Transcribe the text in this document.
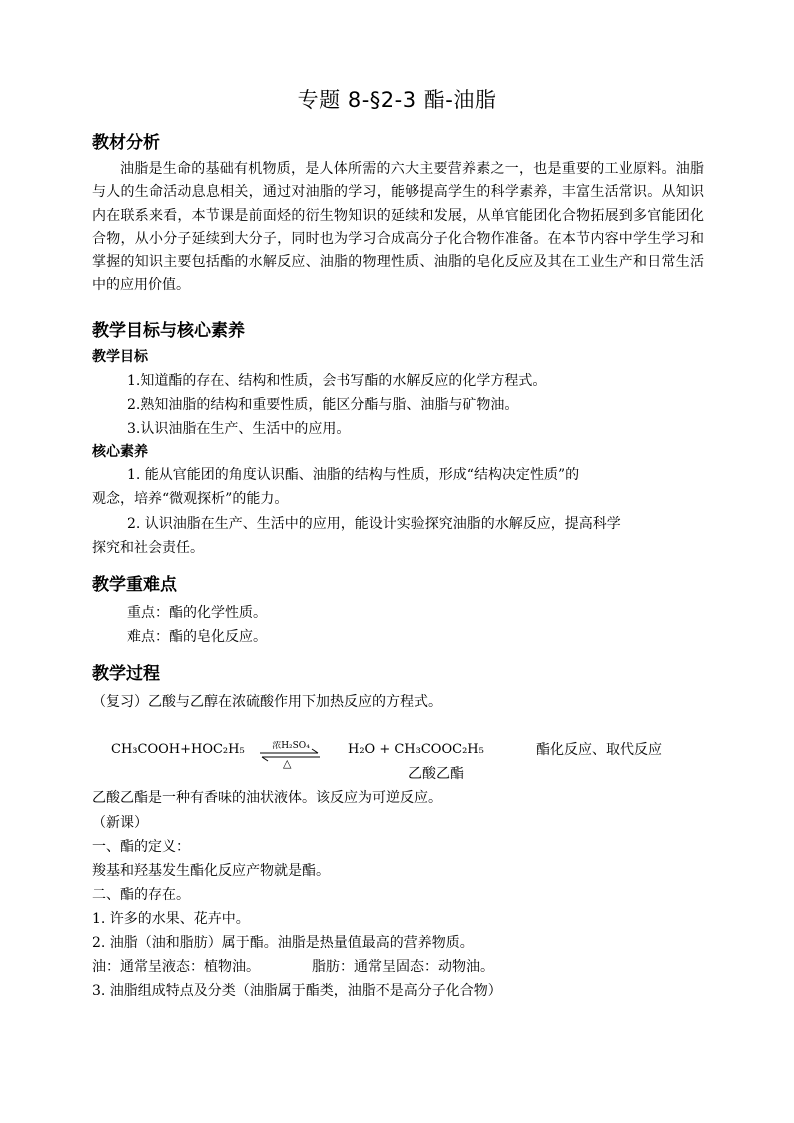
专题 8-§2-3 酯-油脂
教材分析

油脂是生命的基础有机物质，是人体所需的六大主要营养素之一，也是重要的工业原料。油脂与人的生命活动息息相关，通过对油脂的学习，能够提高学生的科学素养，丰富生活常识。从知识内在联系来看，本节课是前面烃的衍生物知识的延续和发展，从单官能团化合物拓展到多官能团化合物，从小分子延续到大分子，同时也为学习合成高分子化合物作准备。在本节内容中学生学习和掌握的知识主要包括酯的水解反应、油脂的物理性质、油脂的皂化反应及其在工业生产和日常生活中的应用价值。

教学目标与核心素养
教学目标
1.知道酯的存在、结构和性质，会书写酯的水解反应的化学方程式。
2.熟知油脂的结构和重要性质，能区分酯与脂、油脂与矿物油。
3.认识油脂在生产、生活中的应用。
核心素养
1. 能从官能团的角度认识酯、油脂的结构与性质，形成“结构决定性质”的
观念，培养“微观探析”的能力。
2. 认识油脂在生产、生活中的应用，能设计实验探究油脂的水解反应，提高科学
探究和社会责任。
教学重难点
重点：酯的化学性质。
难点：酯的皂化反应。
教学过程
（复习）乙酸与乙醇在浓硫酸作用下加热反应的方程式。
CH₃COOH+HOC₂H₅ ⇌
浓H₂SO₄
△
H₂O + CH₃COOC₂H₅	酯化反应、取代反应
乙酸乙酯
乙酸乙酯是一种有香味的油状液体。该反应为可逆反应。
（新课）
一、酯的定义：
羧基和羟基发生酯化反应产物就是酯。
二、酯的存在。
1. 许多的水果、花卉中。
2. 油脂（油和脂肪）属于酯。油脂是热量值最高的营养物质。
油：通常呈液态：植物油。	脂肪：通常呈固态：动物油。
3. 油脂组成特点及分类（油脂属于酯类，油脂不是高分子化合物）
